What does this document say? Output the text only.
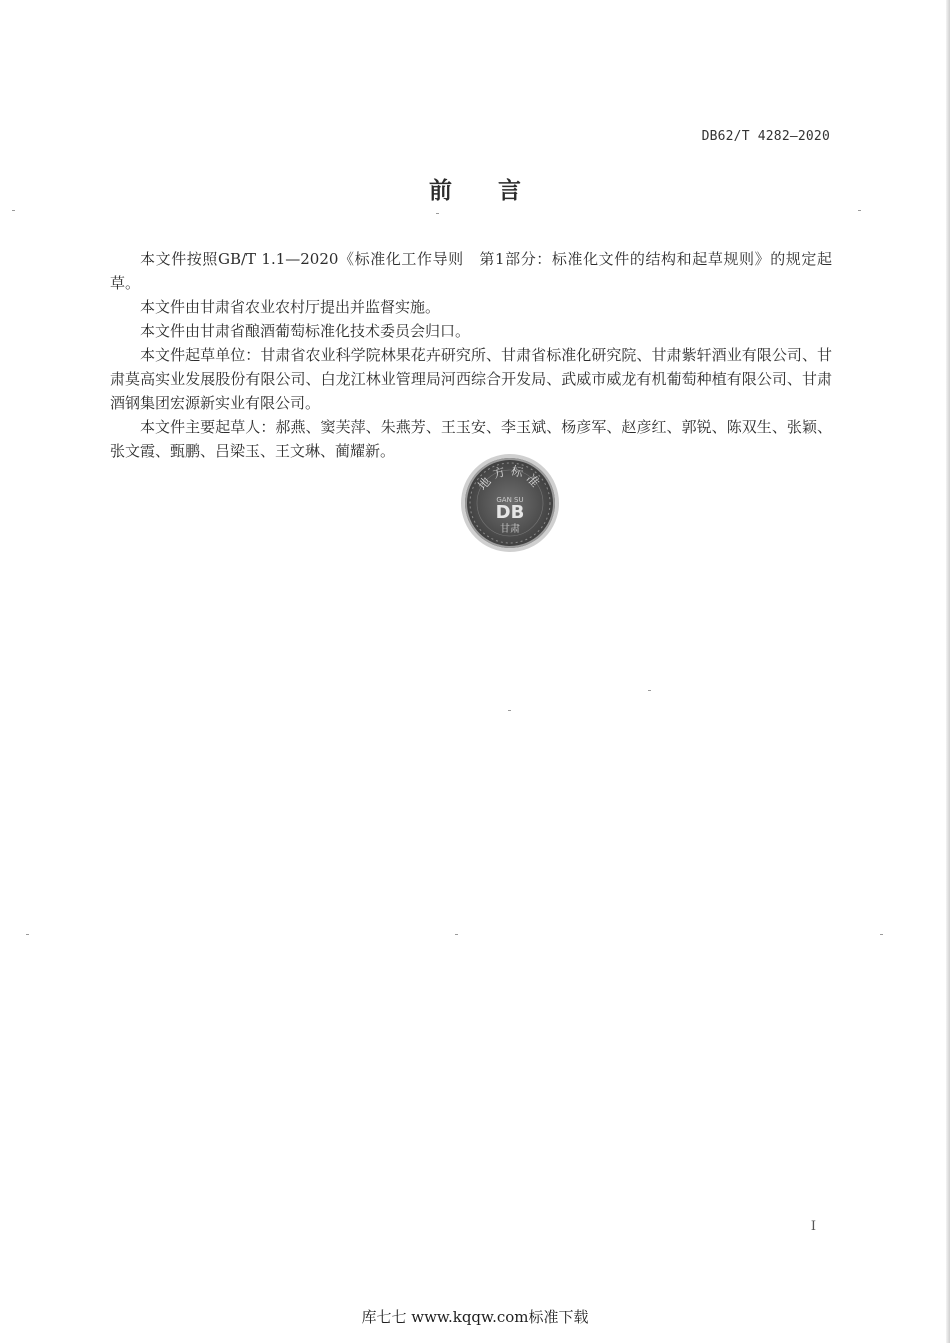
DB62/T 4282—2020
前言

本文件按照GB/T 1.1—2020《标准化工作导则　第1部分：标准化文件的结构和起草规则》的规定起草。

本文件由甘肃省农业农村厅提出并监督实施。

本文件由甘肃省酿酒葡萄标准化技术委员会归口。

本文件起草单位：甘肃省农业科学院林果花卉研究所、甘肃省标准化研究院、甘肃紫轩酒业有限公司、甘肃莫高实业发展股份有限公司、白龙江林业管理局河西综合开发局、武威市威龙有机葡萄种植有限公司、甘肃酒钢集团宏源新实业有限公司。

本文件主要起草人：郝燕、窦芙萍、朱燕芳、王玉安、李玉斌、杨彦军、赵彦红、郭锐、陈双生、张颖、张文霞、甄鹏、吕梁玉、王文琳、蔺耀新。

地方标准
GAN SU
DB
甘肃
I
库七七 www.kqqw.com标准下载
